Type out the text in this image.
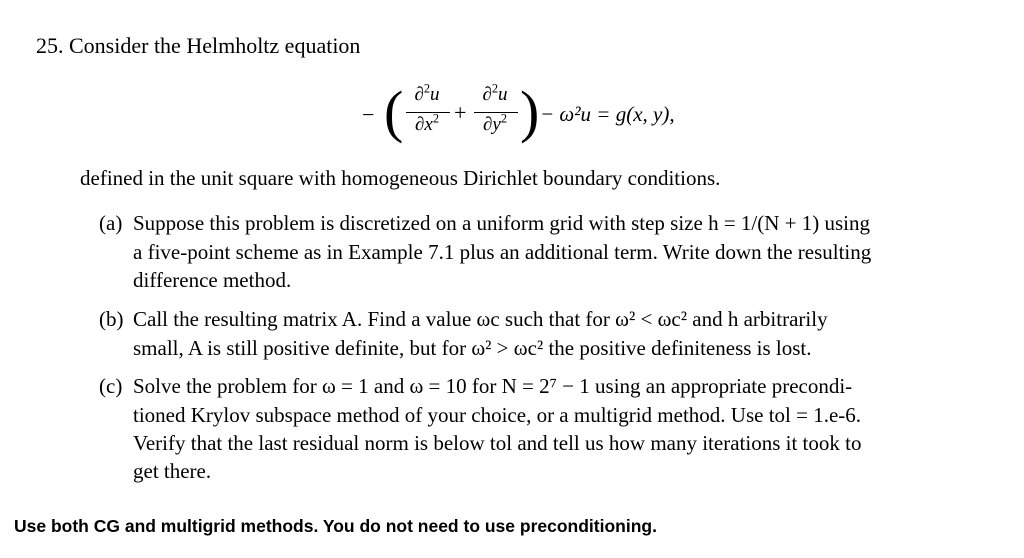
25. Consider the Helmholtz equation
− ( ∂$^2$u
$\partial x^2$ +
∂$^2$u
$\partial y^2$ ) − ω²u = g(x, y),
defined in the unit square with homogeneous Dirichlet boundary conditions.
(a) Suppose this problem is discretized on a uniform grid with step size h = 1/(N + 1) using
a five-point scheme as in Example 7.1 plus an additional term. Write down the resulting
difference method.
(b) Call the resulting matrix A. Find a value ωc such that for ω² < ωc² and h arbitrarily
small, A is still positive definite, but for ω² > ωc² the positive definiteness is lost.
(c) Solve the problem for ω = 1 and ω = 10 for N = 2⁷ − 1 using an appropriate precondi-
tioned Krylov subspace method of your choice, or a multigrid method. Use tol = 1.e-6.
Verify that the last residual norm is below tol and tell us how many iterations it took to
get there.
Use both CG and multigrid methods. You do not need to use preconditioning.
